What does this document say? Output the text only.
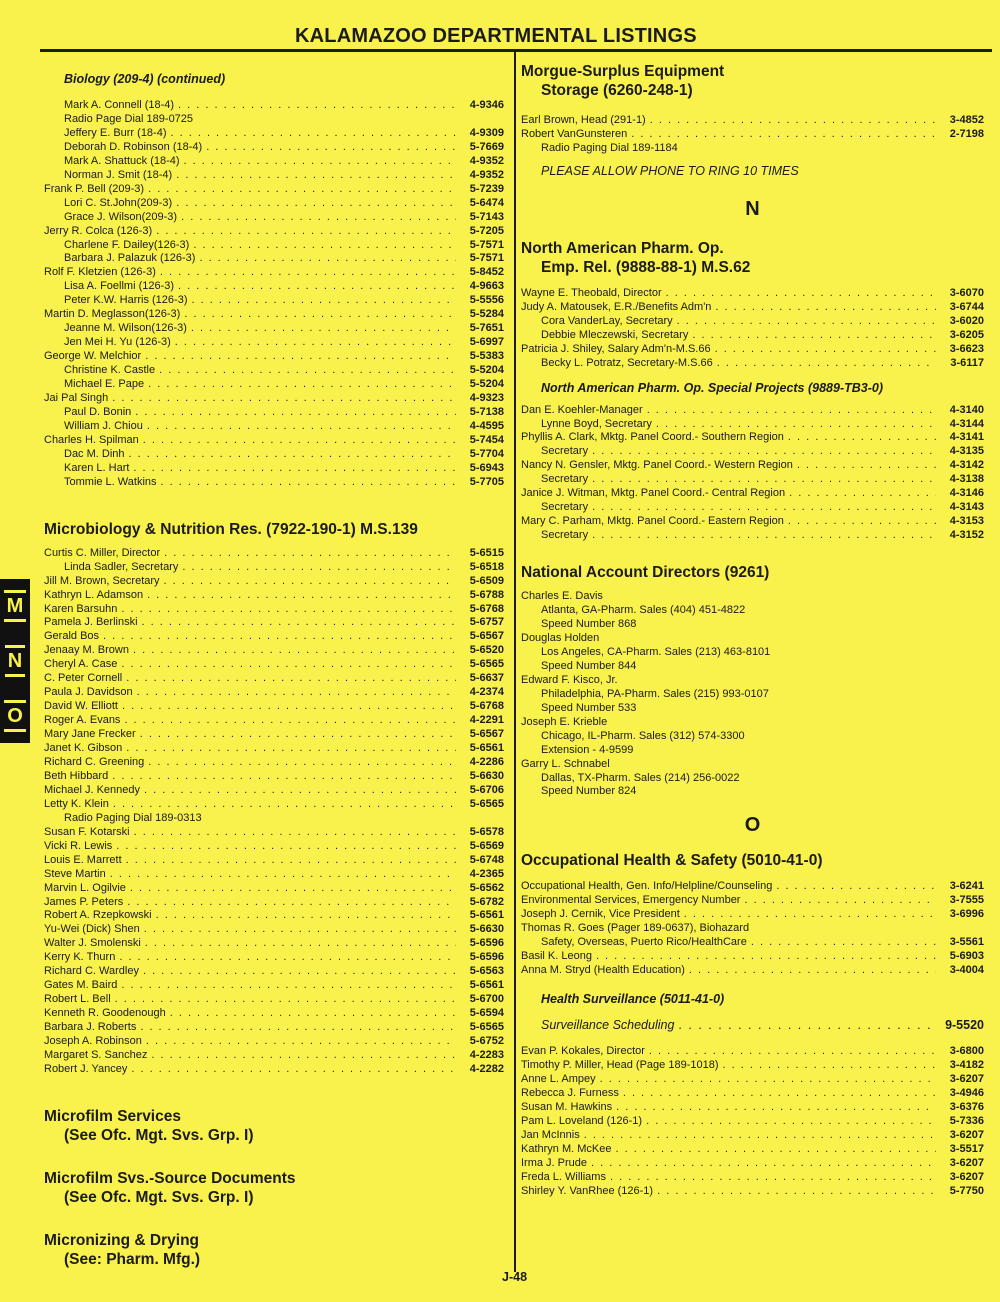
KALAMAZOO DEPARTMENTAL LISTINGS
M
N
O
Biology (209-4) (continued)
Mark A. Connell (18-4) . . .	4-9346
Radio Page Dial 189-0725
Jeffery E. Burr (18-4) . . .	4-9309
Deborah D. Robinson (18-4) . . .	5-7669
Mark A. Shattuck (18-4) . . .	4-9352
Norman J. Smit (18-4) . . .	4-9352
Frank P. Bell (209-3) . . .	5-7239
Lori C. St.John(209-3) . . .	5-6474
Grace J. Wilson(209-3) . . .	5-7143
Jerry R. Colca (126-3) . . .	5-7205
Charlene F. Dailey(126-3) . . .	5-7571
Barbara J. Palazuk (126-3) . . .	5-7571
Rolf F. Kletzien (126-3) . . .	5-8452
Lisa A. Foellmi (126-3) . . .	4-9663
Peter K.W. Harris (126-3) . . .	5-5556
Martin D. Meglasson(126-3) . . .	5-5284
Jeanne M. Wilson(126-3) . . .	5-7651
Jen Mei H. Yu (126-3) . . .	5-6997
George W. Melchior . . .	5-5383
Christine K. Castle . . .	5-5204
Michael E. Pape . . .	5-5204
Jai Pal Singh . . .	4-9323
Paul D. Bonin . . .	5-7138
William J. Chiou . . .	4-4595
Charles H. Spilman . . .	5-7454
Dac M. Dinh . . .	5-7704
Karen L. Hart . . .	5-6943
Tommie L. Watkins . . .	5-7705
Microbiology & Nutrition Res. (7922-190-1) M.S.139
Curtis C. Miller, Director . . .	5-6515
Linda Sadler, Secretary . . .	5-6518
Jill M. Brown, Secretary . . .	5-6509
Kathryn L. Adamson . . .	5-6788
Karen Barsuhn . . .	5-6768
Pamela J. Berlinski . . .	5-6757
Gerald Bos . . .	5-6567
Jenaay M. Brown . . .	5-6520
Cheryl A. Case . . .	5-6565
C. Peter Cornell . . .	5-6637
Paula J. Davidson . . .	4-2374
David W. Elliott . . .	5-6768
Roger A. Evans . . .	4-2291
Mary Jane Frecker . . .	5-6567
Janet K. Gibson . . .	5-6561
Richard C. Greening . . .	4-2286
Beth Hibbard . . .	5-6630
Michael J. Kennedy . . .	5-6706
Letty K. Klein . . .	5-6565
Radio Paging Dial 189-0313
Susan F. Kotarski . . .	5-6578
Vicki R. Lewis . . .	5-6569
Louis E. Marrett . . .	5-6748
Steve Martin . . .	4-2365
Marvin L. Ogilvie . . .	5-6562
James P. Peters . . .	5-6782
Robert A. Rzepkowski . . .	5-6561
Yu-Wei (Dick) Shen . . .	5-6630
Walter J. Smolenski . . .	5-6596
Kerry K. Thurn . . .	5-6596
Richard C. Wardley . . .	5-6563
Gates M. Baird . . .	5-6561
Robert L. Bell . . .	5-6700
Kenneth R. Goodenough . . .	5-6594
Barbara J. Roberts . . .	5-6565
Joseph A. Robinson . . .	5-6752
Margaret S. Sanchez . . .	4-2283
Robert J. Yancey . . .	4-2282
Microfilm Services
(See Ofc. Mgt. Svs. Grp. I)
Microfilm Svs.-Source Documents
(See Ofc. Mgt. Svs. Grp. I)
Micronizing & Drying
(See: Pharm. Mfg.)
Morgue-Surplus Equipment
Storage (6260-248-1)
Earl Brown, Head (291-1) . . .	3-4852
Robert VanGunsteren . . .	2-7198
Radio Paging Dial 189-1184
PLEASE ALLOW PHONE TO RING 10 TIMES
N
North American Pharm. Op.
Emp. Rel. (9888-88-1) M.S.62
Wayne E. Theobald, Director . . .	3-6070
Judy A. Matousek, E.R./Benefits Adm'n . . .	3-6744
Cora VanderLay, Secretary . . .	3-6020
Debbie Mleczewski, Secretary . . .	3-6205
Patricia J. Shiley, Salary Adm'n-M.S.66 . . .	3-6623
Becky L. Potratz, Secretary-M.S.66 . . .	3-6117
North American Pharm. Op. Special Projects (9889-TB3-0)
Dan E. Koehler-Manager . . .	4-3140
Lynne Boyd, Secretary . . .	4-3144
Phyllis A. Clark, Mktg. Panel Coord.- Southern Region . . .	4-3141
Secretary . . .	4-3135
Nancy N. Gensler, Mktg. Panel Coord.- Western Region . . .	4-3142
Secretary . . .	4-3138
Janice J. Witman, Mktg. Panel Coord.- Central Region . . .	4-3146
Secretary . . .	4-3143
Mary C. Parham, Mktg. Panel Coord.- Eastern Region . . .	4-3153
Secretary . . .	4-3152
National Account Directors (9261)
Charles E. Davis
Atlanta, GA-Pharm. Sales (404) 451-4822
Speed Number 868
Douglas Holden
Los Angeles, CA-Pharm. Sales (213) 463-8101
Speed Number 844
Edward F. Kisco, Jr.
Philadelphia, PA-Pharm. Sales (215) 993-0107
Speed Number 533
Joseph E. Krieble
Chicago, IL-Pharm. Sales (312) 574-3300
Extension - 4-9599
Garry L. Schnabel
Dallas, TX-Pharm. Sales (214) 256-0022
Speed Number 824
O
Occupational Health & Safety (5010-41-0)
Occupational Health, Gen. Info/Helpline/Counseling . . .	3-6241
Environmental Services, Emergency Number . . .	3-7555
Joseph J. Cernik, Vice President . . .	3-6996
Thomas R. Goes (Pager 189-0637), Biohazard
Safety, Overseas, Puerto Rico/HealthCare . . .	3-5561
Basil K. Leong . . .	5-6903
Anna M. Stryd (Health Education) . . .	3-4004
Health Surveillance (5011-41-0)
Surveillance Scheduling . . .	9-5520
Evan P. Kokales, Director . . .	3-6800
Timothy P. Miller, Head (Page 189-1018) . . .	3-4182
Anne L. Ampey . . .	3-6207
Rebecca J. Furness . . .	3-4946
Susan M. Hawkins . . .	3-6376
Pam L. Loveland (126-1) . . .	5-7336
Jan McInnis . . .	3-6207
Kathryn M. McKee . . .	3-5517
Irma J. Prude . . .	3-6207
Freda L. Williams . . .	3-6207
Shirley Y. VanRhee (126-1) . . .	5-7750
J-48
